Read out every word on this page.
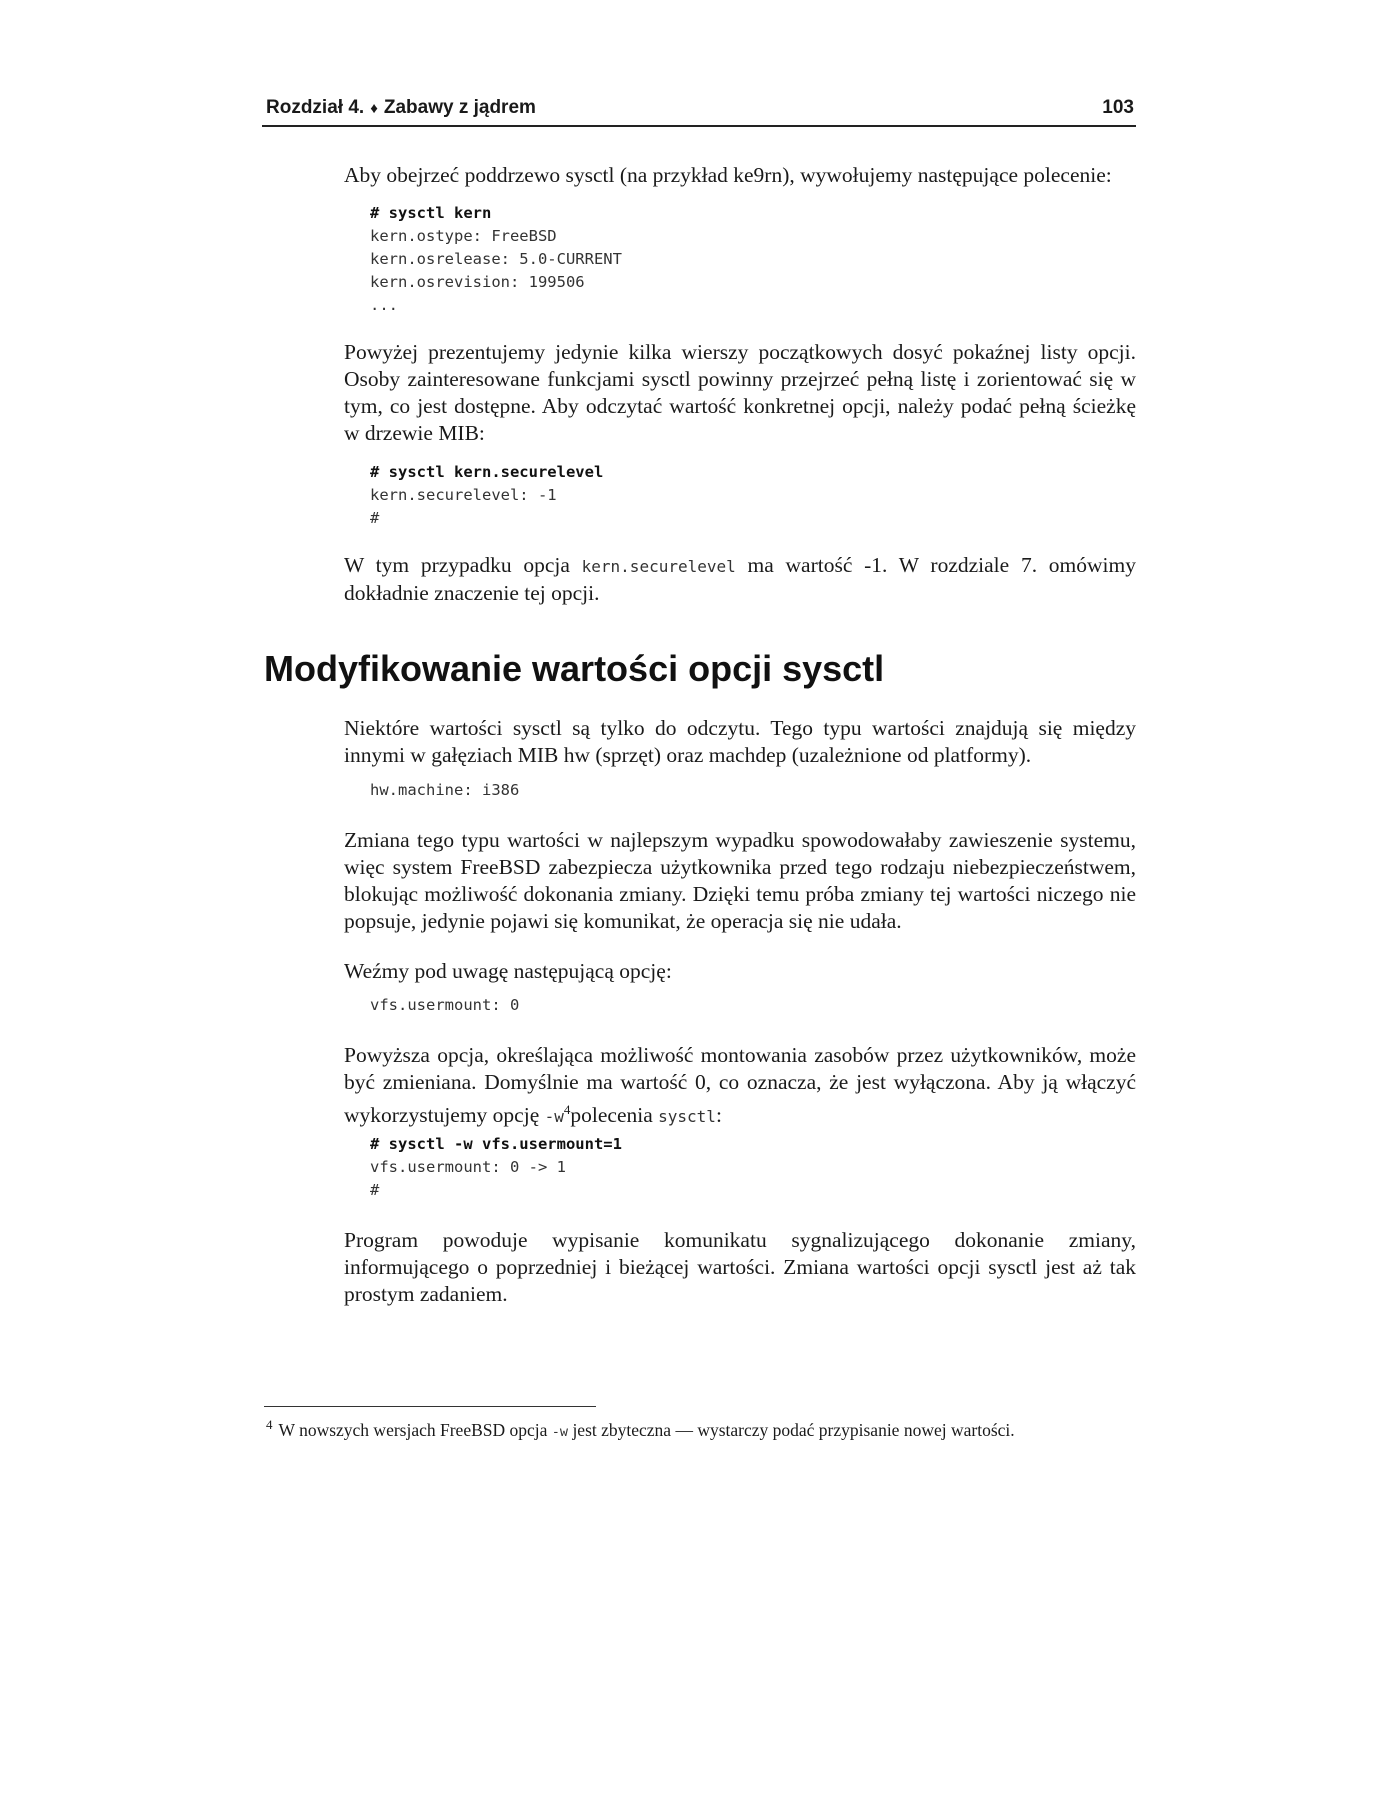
Rozdział 4. ♦ Zabawy z jądrem	103

Aby obejrzeć poddrzewo sysctl (na przykład ke9rn), wywołujemy następujące polecenie:

# sysctl kern
kern.ostype: FreeBSD
kern.osrelease: 5.0-CURRENT
kern.osrevision: 199506
...

Powyżej prezentujemy jedynie kilka wierszy początkowych dosyć pokaźnej listy opcji. Osoby zainteresowane funkcjami sysctl powinny przejrzeć pełną listę i zorientować się w tym, co jest dostępne. Aby odczytać wartość konkretnej opcji, należy podać pełną ścieżkę w drzewie MIB:

# sysctl kern.securelevel
kern.securelevel: -1
#

W tym przypadku opcja kern.securelevel ma wartość -1. W rozdziale 7. omówimy dokładnie znaczenie tej opcji.

Modyfikowanie wartości opcji sysctl

Niektóre wartości sysctl są tylko do odczytu. Tego typu wartości znajdują się między innymi w gałęziach MIB hw (sprzęt) oraz machdep (uzależnione od platformy).

hw.machine: i386

Zmiana tego typu wartości w najlepszym wypadku spowodowałaby zawieszenie systemu, więc system FreeBSD zabezpiecza użytkownika przed tego rodzaju niebezpieczeństwem, blokując możliwość dokonania zmiany. Dzięki temu próba zmiany tej wartości niczego nie popsuje, jedynie pojawi się komunikat, że operacja się nie udała.

Weźmy pod uwagę następującą opcję:

vfs.usermount: 0

Powyższa opcja, określająca możliwość montowania zasobów przez użytkowników, może być zmieniana. Domyślnie ma wartość 0, co oznacza, że jest wyłączona. Aby ją włączyć wykorzystujemy opcję -w$^4$polecenia sysctl:

# sysctl -w vfs.usermount=1
vfs.usermount: 0 -> 1
#

Program powoduje wypisanie komunikatu sygnalizującego dokonanie zmiany, informującego o poprzedniej i bieżącej wartości. Zmiana wartości opcji sysctl jest aż tak prostym zadaniem.

$^4$ W nowszych wersjach FreeBSD opcja -w jest zbyteczna — wystarczy podać przypisanie nowej wartości.
